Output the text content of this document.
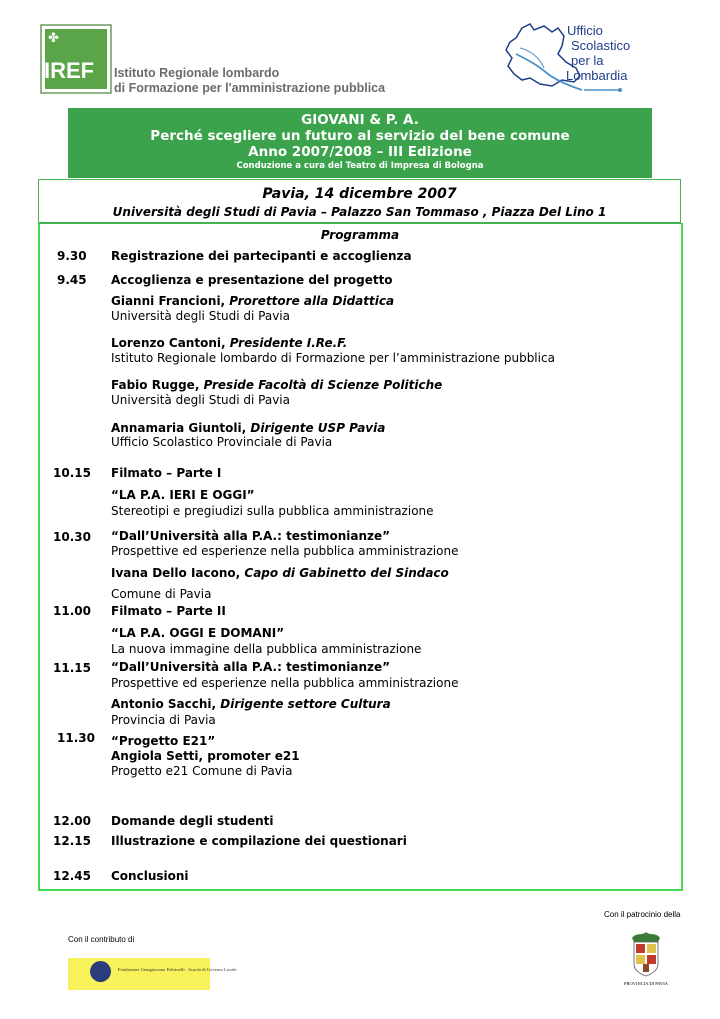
✤
IREF Istituto Regionale lombardo
di Formazione per l'amministrazione pubblica
Ufficio
Scolastico
per la
Lombardia
GIOVANI & P. A.
Perché scegliere un futuro al servizio del bene comune
Anno 2007/2008 – III Edizione
Conduzione a cura del Teatro di Impresa di Bologna
Pavia, 14 dicembre 2007
Università degli Studi di Pavia – Palazzo San Tommaso , Piazza Del Lino 1
Programma
9.30 Registrazione dei partecipanti e accoglienza
9.45 Accoglienza e presentazione del progetto
Gianni Francioni, Prorettore alla Didattica
Università degli Studi di Pavia
Lorenzo Cantoni, Presidente I.Re.F.
Istituto Regionale lombardo di Formazione per l’amministrazione pubblica
Fabio Rugge, Preside Facoltà di Scienze Politiche
Università degli Studi di Pavia
Annamaria Giuntoli, Dirigente USP Pavia
Ufficio Scolastico Provinciale di Pavia
10.15 Filmato – Parte I
“LA P.A. IERI E OGGI”
Stereotipi e pregiudizi sulla pubblica amministrazione
10.30 “Dall’Università alla P.A.: testimonianze”
Prospettive ed esperienze nella pubblica amministrazione
Ivana Dello Iacono, Capo di Gabinetto del Sindaco
Comune di Pavia
11.00 Filmato – Parte II
“LA P.A. OGGI E DOMANI”
La nuova immagine della pubblica amministrazione
11.15 “Dall’Università alla P.A.: testimonianze”
Prospettive ed esperienze nella pubblica amministrazione
Antonio Sacchi, Dirigente settore Cultura
Provincia di Pavia
11.30 “Progetto E21”
Angiola Setti, promoter e21
Progetto e21 Comune di Pavia
12.00 Domande degli studenti
12.15 Illustrazione e compilazione dei questionari
12.45 Conclusioni
Con il patrocinio della
PROVINCIA DI PAVIA
Con il contributo di
Fondazione Giangiacomo Feltrinelli · Scuola di Governo Locale
